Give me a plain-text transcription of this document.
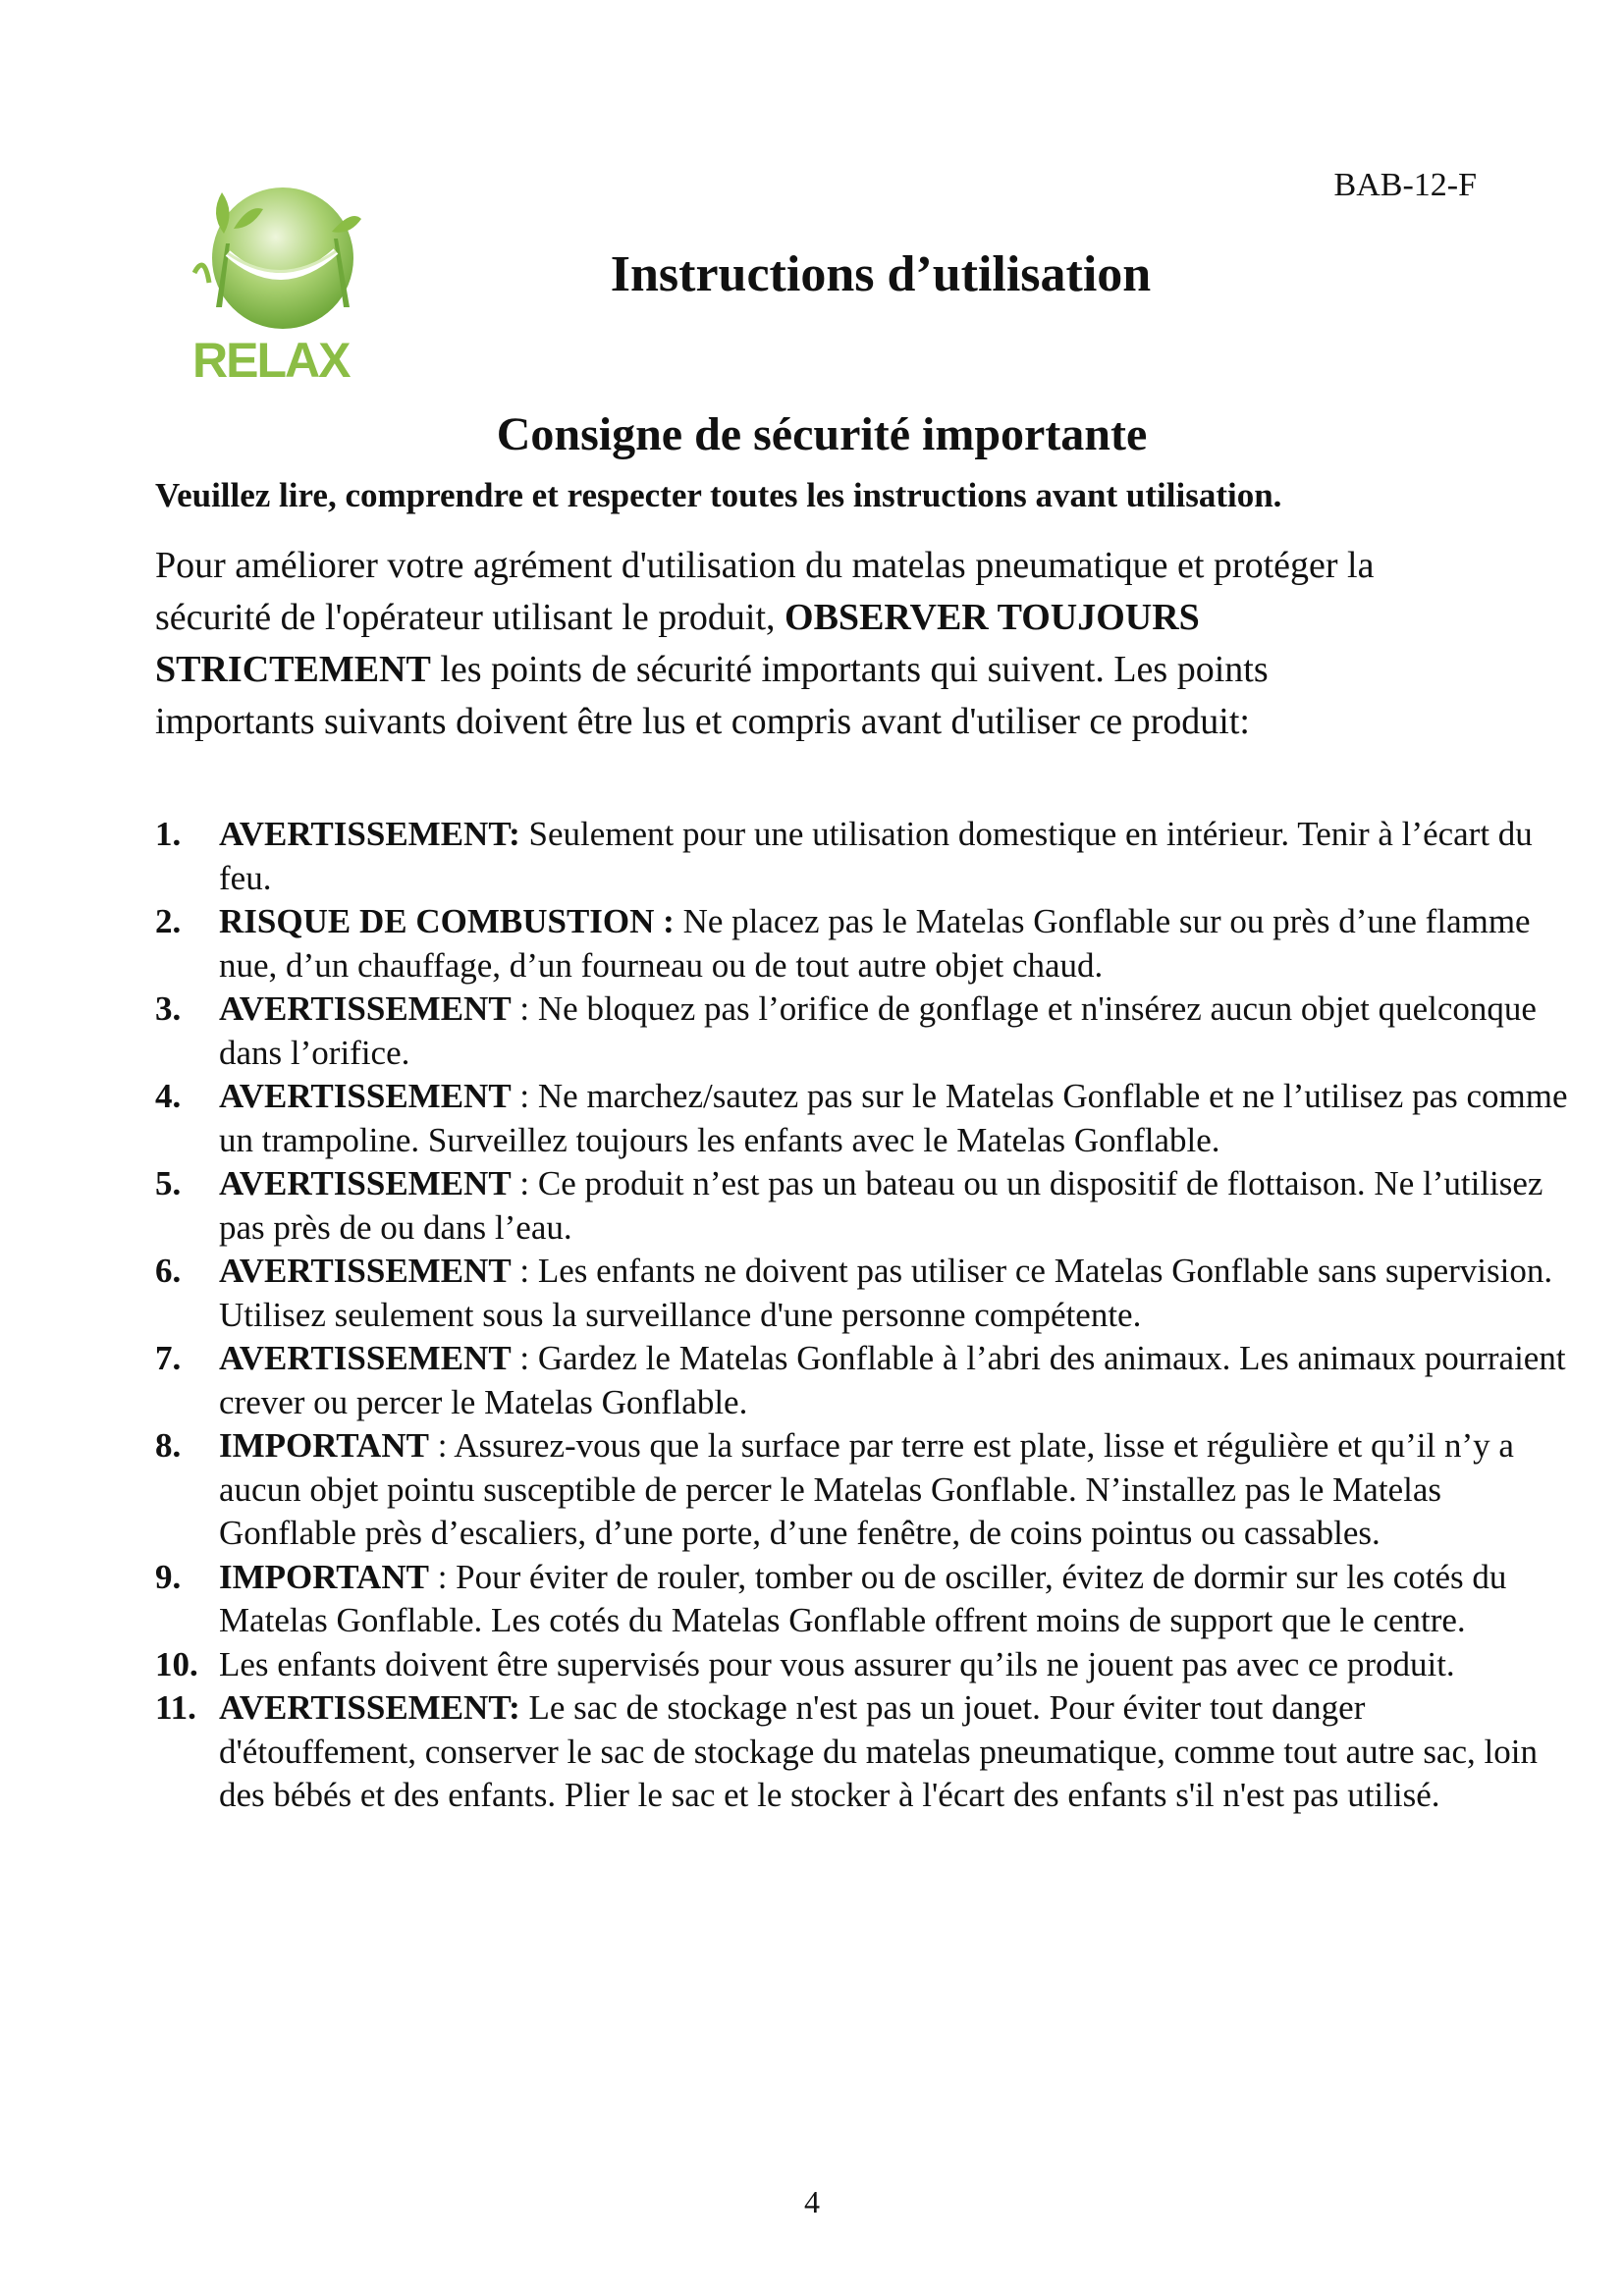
BAB-12-F
RELAX
Instructions d’utilisation
Consigne de sécurité importante
Veuillez lire, comprendre et respecter toutes les instructions avant utilisation.

Pour améliorer votre agrément d'utilisation du matelas pneumatique et protéger la sécurité de l'opérateur utilisant le produit, OBSERVER TOUJOURS STRICTEMENT les points de sécurité importants qui suivent. Les points importants suivants doivent être lus et compris avant d'utiliser ce produit:

1. AVERTISSEMENT: Seulement pour une utilisation domestique en intérieur. Tenir à l’écart du feu.
2. RISQUE DE COMBUSTION : Ne placez pas le Matelas Gonflable sur ou près d’une flamme nue, d’un chauffage, d’un fourneau ou de tout autre objet chaud.
3. AVERTISSEMENT : Ne bloquez pas l’orifice de gonflage et n'insérez aucun objet quelconque dans l’orifice.
4. AVERTISSEMENT : Ne marchez/sautez pas sur le Matelas Gonflable et ne l’utilisez pas comme un trampoline. Surveillez toujours les enfants avec le Matelas Gonflable.
5. AVERTISSEMENT : Ce produit n’est pas un bateau ou un dispositif de flottaison. Ne l’utilisez pas près de ou dans l’eau.
6. AVERTISSEMENT : Les enfants ne doivent pas utiliser ce Matelas Gonflable sans supervision. Utilisez seulement sous la surveillance d'une personne compétente.
7. AVERTISSEMENT : Gardez le Matelas Gonflable à l’abri des animaux. Les animaux pourraient crever ou percer le Matelas Gonflable.
8. IMPORTANT : Assurez-vous que la surface par terre est plate, lisse et régulière et qu’il n’y a aucun objet pointu susceptible de percer le Matelas Gonflable. N’installez pas le Matelas Gonflable près d’escaliers, d’une porte, d’une fenêtre, de coins pointus ou cassables.
9. IMPORTANT : Pour éviter de rouler, tomber ou de osciller, évitez de dormir sur les cotés du Matelas Gonflable. Les cotés du Matelas Gonflable offrent moins de support que le centre.
10. Les enfants doivent être supervisés pour vous assurer qu’ils ne jouent pas avec ce produit.
11. AVERTISSEMENT: Le sac de stockage n'est pas un jouet. Pour éviter tout danger d'étouffement, conserver le sac de stockage du matelas pneumatique, comme tout autre sac, loin des bébés et des enfants. Plier le sac et le stocker à l'écart des enfants s'il n'est pas utilisé.
4
